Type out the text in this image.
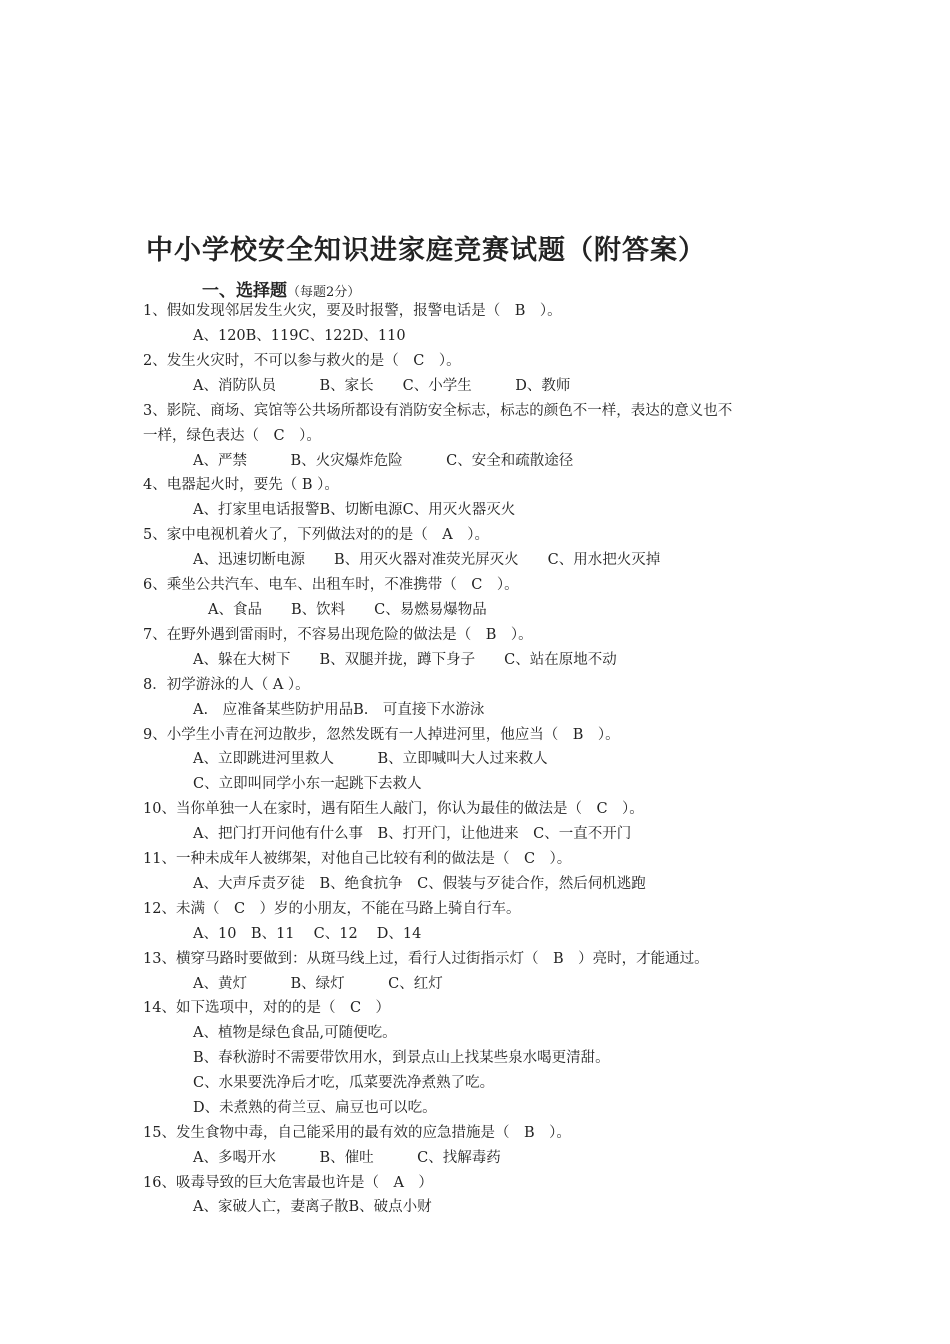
中小学校安全知识进家庭竞赛试题（附答案）
一、选择题（每题2分）
1、假如发现邻居发生火灾，要及时报警，报警电话是（　B　）。
A、120B、119C、122D、110
2、发生火灾时，不可以参与救火的是（　C　）。
A、消防队员　　　B、家长　　C、小学生　　　D、教师
3、影院、商场、宾馆等公共场所都设有消防安全标志，标志的颜色不一样，表达的意义也不
一样，绿色表达（　C　）。
A、严禁　　　B、火灾爆炸危险　　　C、安全和疏散途径
4、电器起火时，要先（ B ）。
A、打家里电话报警B、切断电源C、用灭火器灭火
5、家中电视机着火了，下列做法对的的是（　A　）。
A、迅速切断电源　　B、用灭火器对准荧光屏灭火　　C、用水把火灭掉
6、乘坐公共汽车、电车、出租车时，不准携带（　C　）。
A、食品　　B、饮料　　C、易燃易爆物品
7、在野外遇到雷雨时，不容易出现危险的做法是（　B　）。
A、躲在大树下　　B、双腿并拢，蹲下身子　　C、站在原地不动
8．初学游泳的人（ A ）。
A.　应准备某些防护用品B.　可直接下水游泳
9、小学生小青在河边散步，忽然发既有一人掉进河里，他应当（　B　）。
A、立即跳进河里救人　　　B、立即喊叫大人过来救人
C、立即叫同学小东一起跳下去救人
10、当你单独一人在家时，遇有陌生人敲门，你认为最佳的做法是（　C　）。
A、把门打开问他有什么事　B、打开门，让他进来　C、一直不开门
11、一种未成年人被绑架，对他自己比较有利的做法是（　C　）。
A、大声斥责歹徒　B、绝食抗争　C、假装与歹徒合作，然后伺机逃跑
12、未满（　C　）岁的小朋友，不能在马路上骑自行车。
A、10　B、11　 C、12　 D、14
13、横穿马路时要做到：从斑马线上过，看行人过街指示灯（　B　）亮时，才能通过。
A、黄灯　　　B、绿灯　　　C、红灯
14、如下选项中，对的的是（　C　）
A、植物是绿色食品,可随便吃。
B、春秋游时不需要带饮用水，到景点山上找某些泉水喝更清甜。
C、水果要洗净后才吃，瓜菜要洗净煮熟了吃。
D、未煮熟的荷兰豆、扁豆也可以吃。
15、发生食物中毒，自己能采用的最有效的应急措施是（　B　）。
A、多喝开水　　　B、催吐　　　C、找解毒药
16、吸毒导致的巨大危害最也许是（　A　）
A、家破人亡，妻离子散B、破点小财
